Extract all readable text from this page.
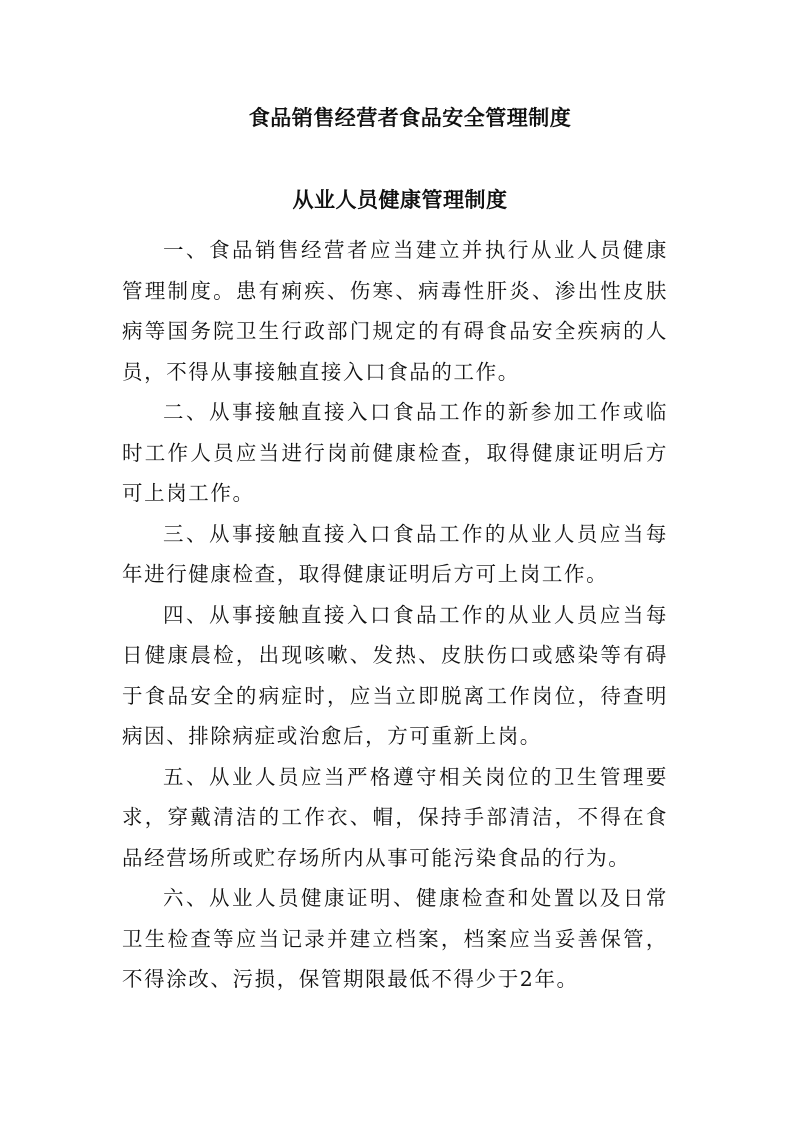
食品销售经营者食品安全管理制度
从业人员健康管理制度

一、食品销售经营者应当建立并执行从业人员健康管理制度。患有痢疾、伤寒、病毒性肝炎、渗出性皮肤病等国务院卫生行政部门规定的有碍食品安全疾病的人员，不得从事接触直接入口食品的工作。

二、从事接触直接入口食品工作的新参加工作或临时工作人员应当进行岗前健康检查，取得健康证明后方可上岗工作。

三、从事接触直接入口食品工作的从业人员应当每年进行健康检查，取得健康证明后方可上岗工作。

四、从事接触直接入口食品工作的从业人员应当每日健康晨检，出现咳嗽、发热、皮肤伤口或感染等有碍于食品安全的病症时，应当立即脱离工作岗位，待查明病因、排除病症或治愈后，方可重新上岗。

五、从业人员应当严格遵守相关岗位的卫生管理要求，穿戴清洁的工作衣、帽，保持手部清洁，不得在食品经营场所或贮存场所内从事可能污染食品的行为。

六、从业人员健康证明、健康检查和处置以及日常卫生检查等应当记录并建立档案，档案应当妥善保管，不得涂改、污损，保管期限最低不得少于2年。
